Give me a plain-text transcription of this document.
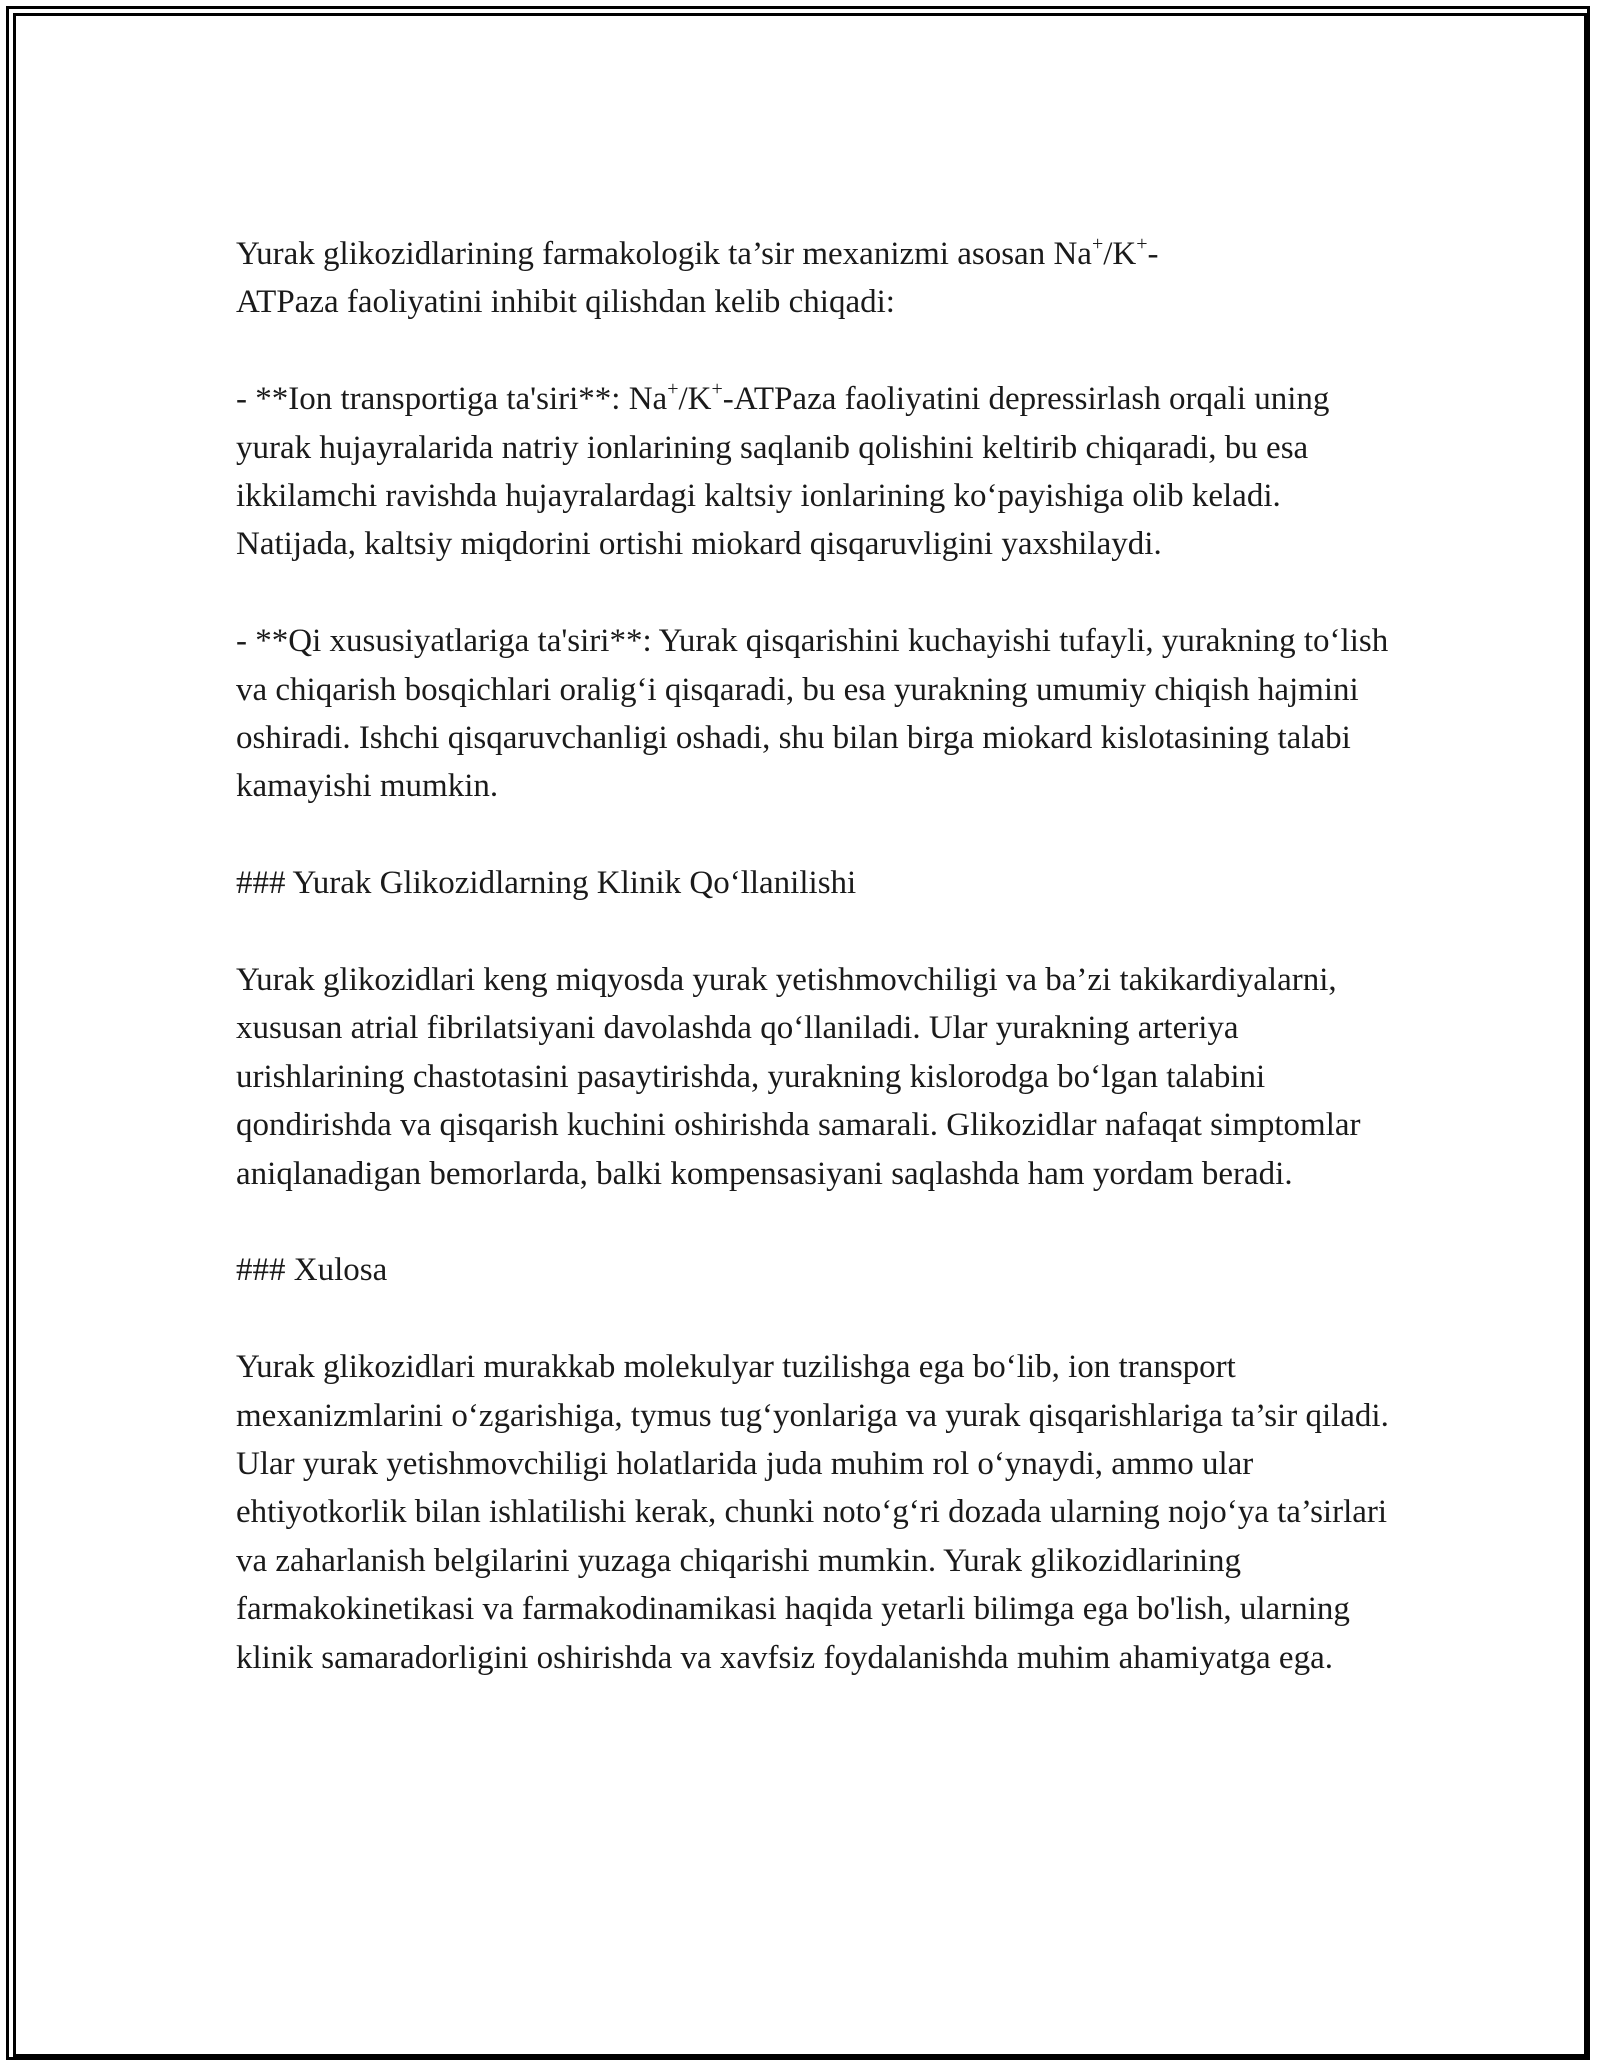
Yurak glikozidlarining farmakologik ta’sir mexanizmi asosan Na+/K+-
ATPaza faoliyatini inhibit qilishdan kelib chiqadi:

- **Ion transportiga ta'siri**: Na+/K+-ATPaza faoliyatini depressirlash orqali uning yurak hujayralarida natriy ionlarining saqlanib qolishini keltirib chiqaradi, bu esa ikkilamchi ravishda hujayralardagi kaltsiy ionlarining ko‘payishiga olib keladi. Natijada, kaltsiy miqdorini ortishi miokard qisqaruvligini yaxshilaydi.

- **Qi xususiyatlariga ta'siri**: Yurak qisqarishini kuchayishi tufayli, yurakning to‘lish va chiqarish bosqichlari oralig‘i qisqaradi, bu esa yurakning umumiy chiqish hajmini oshiradi. Ishchi qisqaruvchanligi oshadi, shu bilan birga miokard kislotasining talabi kamayishi mumkin.

### Yurak Glikozidlarning Klinik Qo‘llanilishi

Yurak glikozidlari keng miqyosda yurak yetishmovchiligi va ba’zi takikardiyalarni, xususan atrial fibrilatsiyani davolashda qo‘llaniladi. Ular yurakning arteriya urishlarining chastotasini pasaytirishda, yurakning kislorodga bo‘lgan talabini qondirishda va qisqarish kuchini oshirishda samarali. Glikozidlar nafaqat simptomlar aniqlanadigan bemorlarda, balki kompensasiyani saqlashda ham yordam beradi.

### Xulosa

Yurak glikozidlari murakkab molekulyar tuzilishga ega bo‘lib, ion transport mexanizmlarini o‘zgarishiga, tymus tug‘yonlariga va yurak qisqarishlariga ta’sir qiladi. Ular yurak yetishmovchiligi holatlarida juda muhim rol o‘ynaydi, ammo ular ehtiyotkorlik bilan ishlatilishi kerak, chunki noto‘g‘ri dozada ularning nojo‘ya ta’sirlari va zaharlanish belgilarini yuzaga chiqarishi mumkin. Yurak glikozidlarining farmakokinetikasi va farmakodinamikasi haqida yetarli bilimga ega bo'lish, ularning klinik samaradorligini oshirishda va xavfsiz foydalanishda muhim ahamiyatga ega.
